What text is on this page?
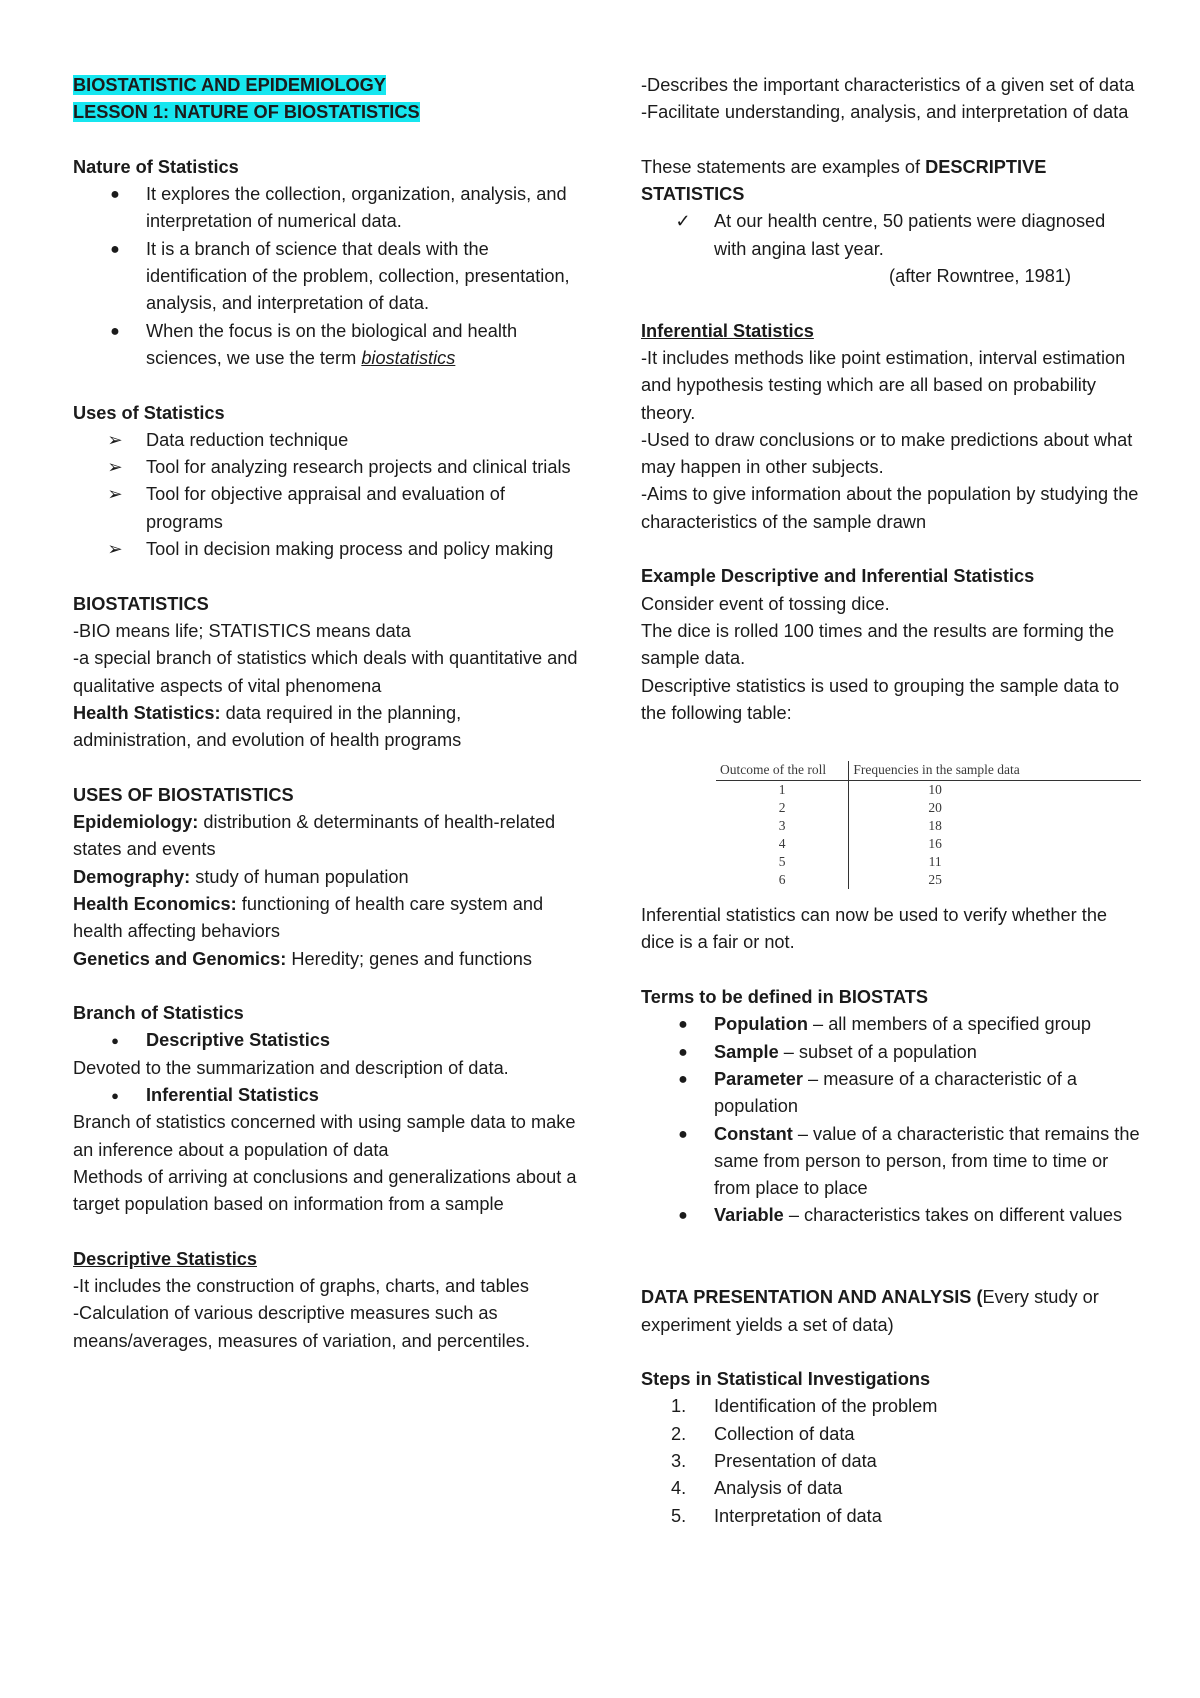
BIOSTATISTIC AND EPIDEMIOLOGY

LESSON 1: NATURE OF BIOSTATISTICS

Nature of Statistics

● It explores the collection, organization, analysis, and interpretation of numerical data.
● It is a branch of science that deals with the identification of the problem, collection, presentation, analysis, and interpretation of data.
● When the focus is on the biological and health sciences, we use the term biostatistics

Uses of Statistics

➢ Data reduction technique
➢ Tool for analyzing research projects and clinical trials
➢ Tool for objective appraisal and evaluation of programs
➢ Tool in decision making process and policy making

BIOSTATISTICS

-BIO means life; STATISTICS means data

-a special branch of statistics which deals with quantitative and qualitative aspects of vital phenomena

Health Statistics: data required in the planning, administration, and evolution of health programs

USES OF BIOSTATISTICS

Epidemiology: distribution & determinants of health-related states and events

Demography: study of human population

Health Economics: functioning of health care system and health affecting behaviors

Genetics and Genomics: Heredity; genes and functions

Branch of Statistics

●	Descriptive Statistics

Devoted to the summarization and description of data.

●	Inferential Statistics

Branch of statistics concerned with using sample data to make an inference about a population of data

Methods of arriving at conclusions and generalizations about a target population based on information from a sample

Descriptive Statistics

-It includes the construction of graphs, charts, and tables

-Calculation of various descriptive measures such as means/averages, measures of variation, and percentiles.

-Describes the important characteristics of a given set of data

-Facilitate understanding, analysis, and interpretation of data

These statements are examples of DESCRIPTIVE STATISTICS

✓ At our health centre, 50 patients were diagnosed with angina last year.

(after Rowntree, 1981)

Inferential Statistics

-It includes methods like point estimation, interval estimation and hypothesis testing which are all based on probability theory.

-Used to draw conclusions or to make predictions about what may happen in other subjects.

-Aims to give information about the population by studying the characteristics of the sample drawn

Example Descriptive and Inferential Statistics

Consider event of tossing dice.

The dice is rolled 100 times and the results are forming the sample data.

Descriptive statistics is used to grouping the sample data to the following table:

Outcome of the roll	Frequencies in the sample data
1	10
2	20
3	18
4	16
5	11
6	25

Inferential statistics can now be used to verify whether the dice is a fair or not.

Terms to be defined in BIOSTATS

● Population – all members of a specified group
● Sample – subset of a population
● Parameter – measure of a characteristic of a population
● Constant – value of a characteristic that remains the same from person to person, from time to time or from place to place
● Variable – characteristics takes on different values

DATA PRESENTATION AND ANALYSIS (Every study or experiment yields a set of data)

Steps in Statistical Investigations

1. Identification of the problem
2. Collection of data
3. Presentation of data
4. Analysis of data
5. Interpretation of data
